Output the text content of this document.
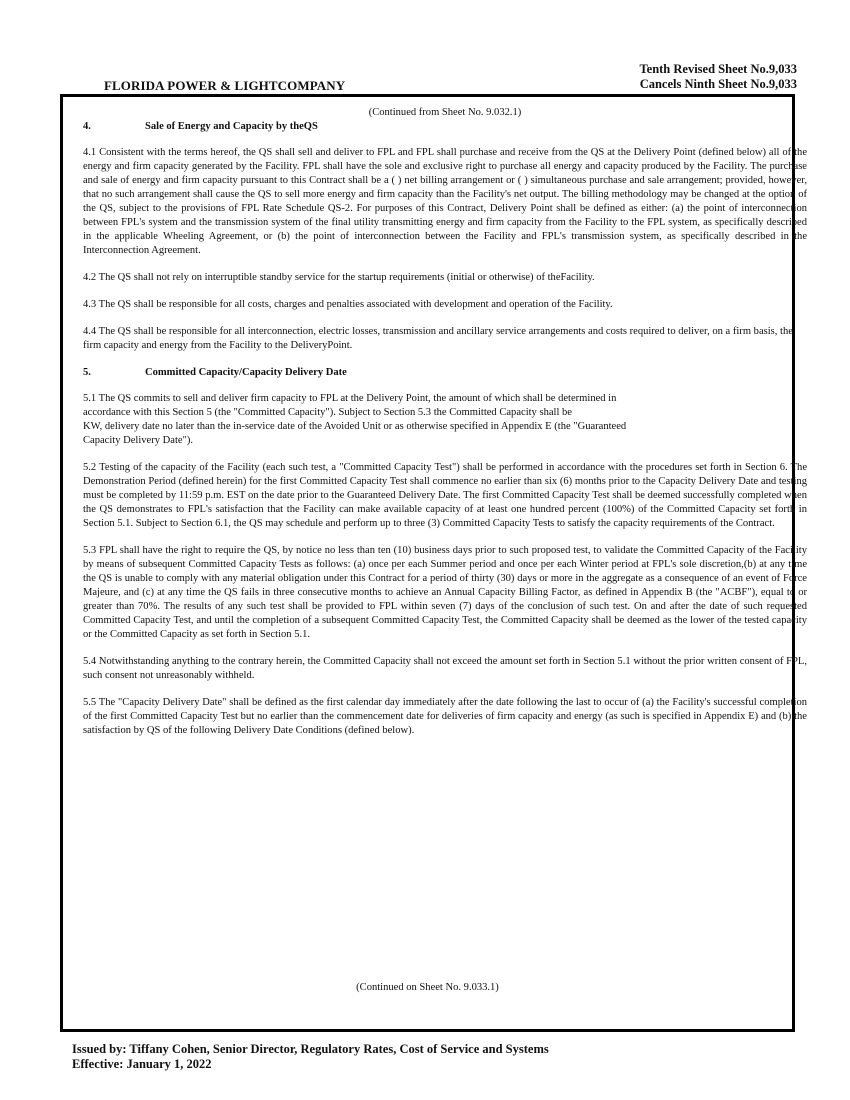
FLORIDA POWER & LIGHTCOMPANY
Tenth Revised Sheet No.9,033
Cancels Ninth Sheet No.9,033

(Continued from Sheet No. 9.032.1)

4.	Sale of Energy and Capacity by theQS

4.1 Consistent with the terms hereof, the QS shall sell and deliver to FPL and FPL shall purchase and receive from the QS at the Delivery Point (defined below) all of the energy and firm capacity generated by the Facility. FPL shall have the sole and exclusive right to purchase all energy and capacity produced by the Facility. The purchase and sale of energy and firm capacity pursuant to this Contract shall be a ( ) net billing arrangement or ( ) simultaneous purchase and sale arrangement; provided, however, that no such arrangement shall cause the QS to sell more energy and firm capacity than the Facility's net output. The billing methodology may be changed at the option of the QS, subject to the provisions of FPL Rate Schedule QS-2. For purposes of this Contract, Delivery Point shall be defined as either: (a) the point of interconnection between FPL's system and the transmission system of the final utility transmitting energy and firm capacity from the Facility to the FPL system, as specifically described in the applicable Wheeling Agreement, or (b) the point of interconnection between the Facility and FPL's transmission system, as specifically described in the Interconnection Agreement.

4.2 The QS shall not rely on interruptible standby service for the startup requirements (initial or otherwise) of theFacility.

4.3 The QS shall be responsible for all costs, charges and penalties associated with development and operation of the Facility.

4.4 The QS shall be responsible for all interconnection, electric losses, transmission and ancillary service arrangements and costs required to deliver, on a firm basis, the firm capacity and energy from the Facility to the DeliveryPoint.

5.	Committed Capacity/Capacity Delivery Date

5.1 The QS commits to sell and deliver firm capacity to FPL at the Delivery Point, the amount of which shall be determined in
accordance with this Section 5 (the "Committed Capacity"). Subject to Section 5.3 the Committed Capacity shall be
KW, delivery date no later than the in-service date of the Avoided Unit or as otherwise specified in Appendix E (the "Guaranteed
Capacity Delivery Date").

5.2 Testing of the capacity of the Facility (each such test, a "Committed Capacity Test") shall be performed in accordance with the procedures set forth in Section 6. The Demonstration Period (defined herein) for the first Committed Capacity Test shall commence no earlier than six (6) months prior to the Capacity Delivery Date and testing must be completed by 11:59 p.m. EST on the date prior to the Guaranteed Delivery Date. The first Committed Capacity Test shall be deemed successfully completed when the QS demonstrates to FPL's satisfaction that the Facility can make available capacity of at least one hundred percent (100%) of the Committed Capacity set forth in Section 5.1. Subject to Section 6.1, the QS may schedule and perform up to three (3) Committed Capacity Tests to satisfy the capacity requirements of the Contract.

5.3 FPL shall have the right to require the QS, by notice no less than ten (10) business days prior to such proposed test, to validate the Committed Capacity of the Facility by means of subsequent Committed Capacity Tests as follows: (a) once per each Summer period and once per each Winter period at FPL's sole discretion,(b) at any time the QS is unable to comply with any material obligation under this Contract for a period of thirty (30) days or more in the aggregate as a consequence of an event of Force Majeure, and (c) at any time the QS fails in three consecutive months to achieve an Annual Capacity Billing Factor, as defined in Appendix B (the "ACBF"), equal to or greater than 70%. The results of any such test shall be provided to FPL within seven (7) days of the conclusion of such test. On and after the date of such requested Committed Capacity Test, and until the completion of a subsequent Committed Capacity Test, the Committed Capacity shall be deemed as the lower of the tested capacity or the Committed Capacity as set forth in Section 5.1.

5.4 Notwithstanding anything to the contrary herein, the Committed Capacity shall not exceed the amount set forth in Section 5.1 without the prior written consent of FPL, such consent not unreasonably withheld.

5.5 The "Capacity Delivery Date" shall be defined as the first calendar day immediately after the date following the last to occur of (a) the Facility's successful completion of the first Committed Capacity Test but no earlier than the commencement date for deliveries of firm capacity and energy (as such is specified in Appendix E) and (b) the satisfaction by QS of the following Delivery Date Conditions (defined below).

(Continued on Sheet No. 9.033.1)
Issued by: Tiffany Cohen, Senior Director, Regulatory Rates, Cost of Service and Systems
Effective: January 1, 2022
